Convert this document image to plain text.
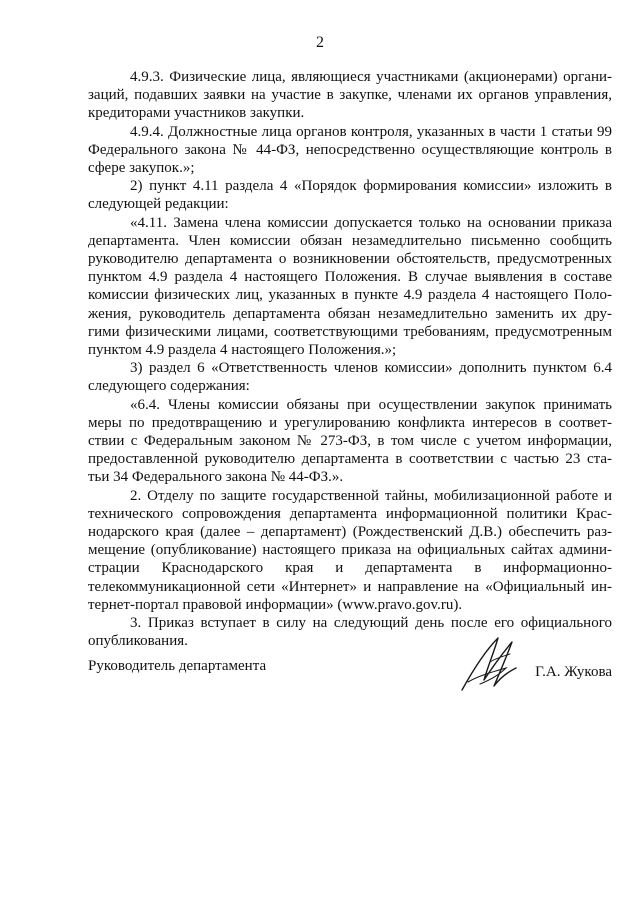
2
4.9.3. Физические лица, являющиеся участниками (акционерами) органи-
заций, подавших заявки на участие в закупке, членами их органов управления,
кредиторами участников закупки.
4.9.4. Должностные лица органов контроля, указанных в части 1 статьи 99
Федерального закона № 44-ФЗ, непосредственно осуществляющие контроль в
сфере закупок.»;
2) пункт 4.11 раздела 4 «Порядок формирования комиссии» изложить в
следующей редакции:
«4.11. Замена члена комиссии допускается только на основании приказа
департамента. Член комиссии обязан незамедлительно письменно сообщить
руководителю департамента о возникновении обстоятельств, предусмотренных
пунктом 4.9 раздела 4 настоящего Положения. В случае выявления в составе
комиссии физических лиц, указанных в пункте 4.9 раздела 4 настоящего Поло-
жения, руководитель департамента обязан незамедлительно заменить их дру-
гими физическими лицами, соответствующими требованиям, предусмотренным
пунктом 4.9 раздела 4 настоящего Положения.»;
3) раздел 6 «Ответственность членов комиссии» дополнить пунктом 6.4
следующего содержания:
«6.4. Члены комиссии обязаны при осуществлении закупок принимать
меры по предотвращению и урегулированию конфликта интересов в соответ-
ствии с Федеральным законом № 273-ФЗ, в том числе с учетом информации,
предоставленной руководителю департамента в соответствии с частью 23 ста-
тьи 34 Федерального закона № 44-ФЗ.».
2. Отделу по защите государственной тайны, мобилизационной работе и
технического сопровождения департамента информационной политики Крас-
нодарского края (далее – департамент) (Рождественский Д.В.) обеспечить раз-
мещение (опубликование) настоящего приказа на официальных сайтах админи-
страции Краснодарского края и департамента в информационно-
телекоммуникационной сети «Интернет» и направление на «Официальный ин-
тернет-портал правовой информации» (www.pravo.gov.ru).
3. Приказ вступает в силу на следующий день после его официального
опубликования.
Руководитель департамента	Г.А. Жукова
